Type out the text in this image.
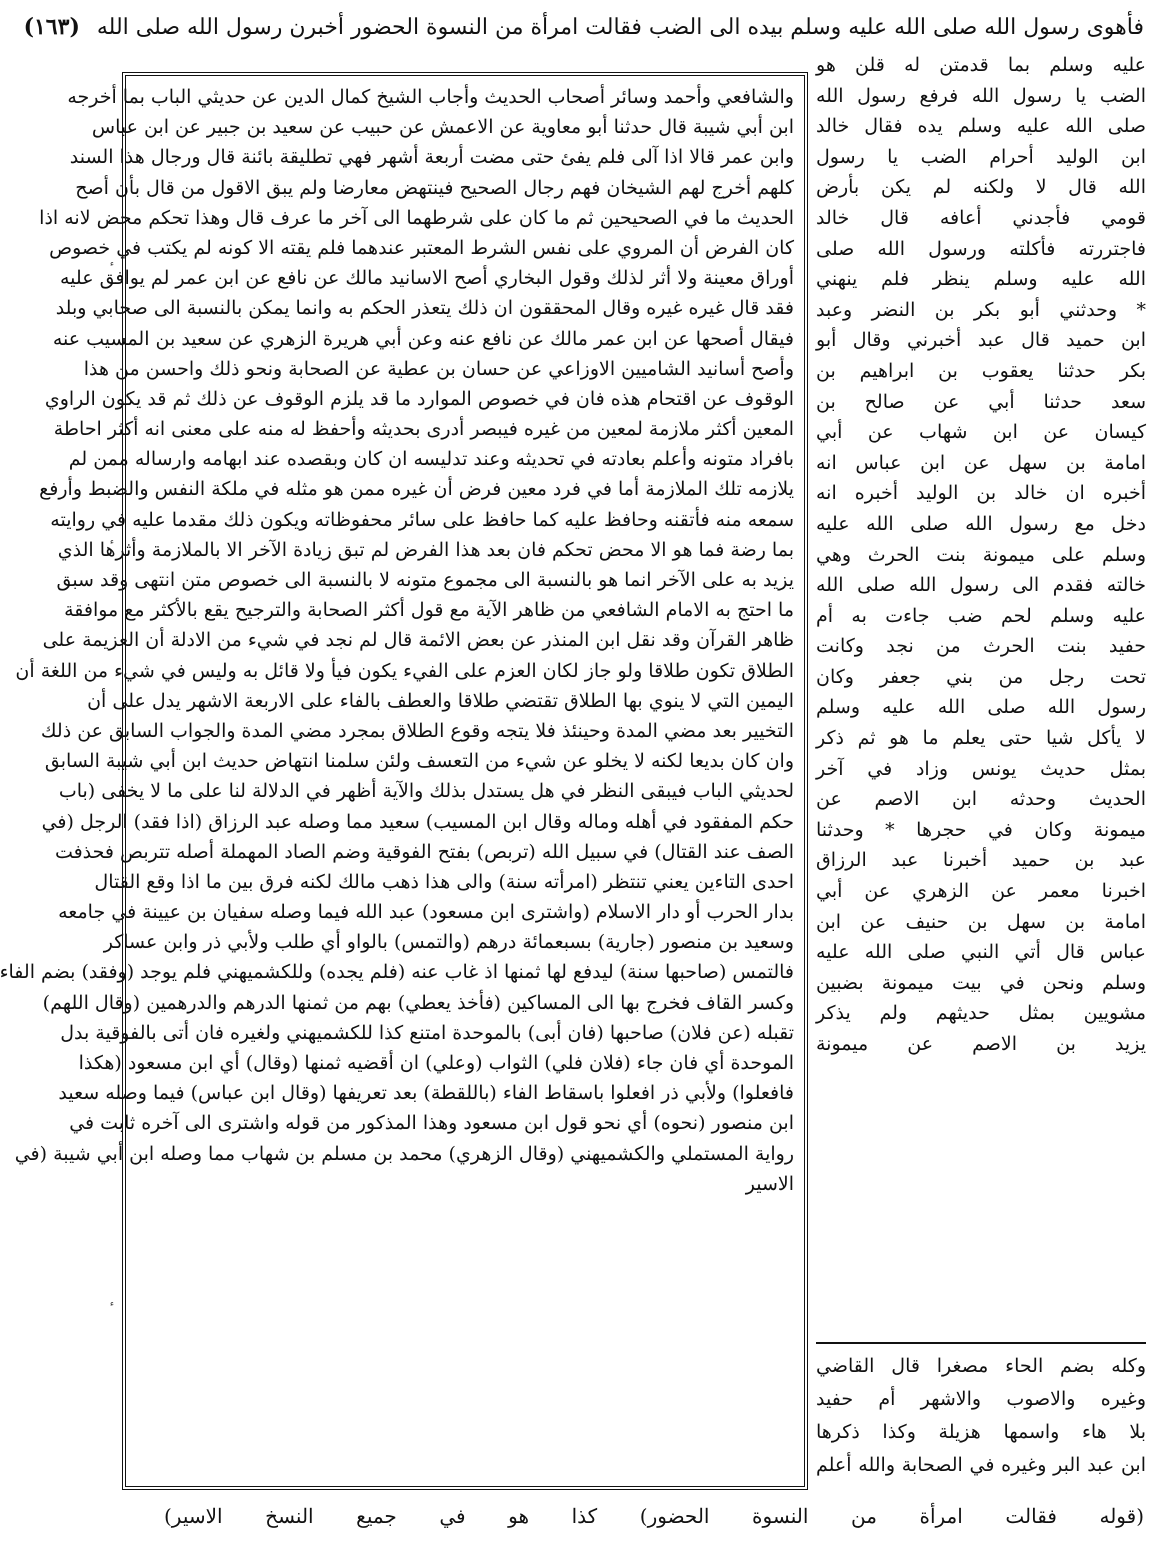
فأهوى رسول الله صلى الله عليه وسلم بيده الى الضب فقالت امرأة من النسوة الحضور أخبرن رسول الله صلى الله (١٦٣)
عليه وسلم بما قدمتن له قلن هو
الضب يا رسول الله فرفع رسول الله
صلى الله عليه وسلم يده فقال خالد
ابن الوليد أحرام الضب يا رسول
الله قال لا ولكنه لم يكن بأرض
قومي فأجدني أعافه قال خالد
فاجتررته فأكلته ورسول الله صلى
الله عليه وسلم ينظر فلم ينهني
* وحدثني أبو بكر بن النضر وعبد
ابن حميد قال عبد أخبرني وقال أبو
بكر حدثنا يعقوب بن ابراهيم بن
سعد حدثنا أبي عن صالح بن
كيسان عن ابن شهاب عن أبي
امامة بن سهل عن ابن عباس انه
أخبره ان خالد بن الوليد أخبره انه
دخل مع رسول الله صلى الله عليه
وسلم على ميمونة بنت الحرث وهي
خالته فقدم الى رسول الله صلى الله
عليه وسلم لحم ضب جاءت به أم
حفيد بنت الحرث من نجد وكانت
تحت رجل من بني جعفر وكان
رسول الله صلى الله عليه وسلم
لا يأكل شيا حتى يعلم ما هو ثم ذكر
بمثل حديث يونس وزاد في آخر
الحديث وحدثه ابن الاصم عن
ميمونة وكان في حجرها * وحدثنا
عبد بن حميد أخبرنا عبد الرزاق
اخبرنا معمر عن الزهري عن أبي
امامة بن سهل بن حنيف عن ابن
عباس قال أتي النبي صلى الله عليه
وسلم ونحن في بيت ميمونة بضبين
مشويين بمثل حديثهم ولم يذكر
يزيد بن الاصم عن ميمونة
وكله بضم الحاء مصغرا قال القاضي
وغيره والاصوب والاشهر أم حفيد
بلا هاء واسمها هزيلة وكذا ذكرها
ابن عبد البر وغيره في الصحابة والله أعلم
والشافعي وأحمد وسائر أصحاب الحديث وأجاب الشيخ كمال الدين عن حديثي الباب بما أخرجه
ابن أبي شيبة قال حدثنا أبو معاوية عن الاعمش عن حبيب عن سعيد بن جبير عن ابن عباس
وابن عمر قالا اذا آلى فلم يفئ حتى مضت أربعة أشهر فهي تطليقة بائنة قال ورجال هذا السند
كلهم أخرج لهم الشيخان فهم رجال الصحيح فينتهض معارضا ولم يبق الاقول من قال بأن أصح
الحديث ما في الصحيحين ثم ما كان على شرطهما الى آخر ما عرف قال وهذا تحكم محض لانه اذا
كان الفرض أن المروي على نفس الشرط المعتبر عندهما فلم يقته الا كونه لم يكتب في خصوص
أوراق معينة ولا أثر لذلك وقول البخاري أصح الاسانيد مالك عن نافع عن ابن عمر لم يوافق عليه
فقد قال غيره غيره وقال المحققون ان ذلك يتعذر الحكم به وانما يمكن بالنسبة الى صحابي وبلد
فيقال أصحها عن ابن عمر مالك عن نافع عنه وعن أبي هريرة الزهري عن سعيد بن المسيب عنه
وأصح أسانيد الشاميين الاوزاعي عن حسان بن عطية عن الصحابة ونحو ذلك واحسن من هذا
الوقوف عن اقتحام هذه فان في خصوص الموارد ما قد يلزم الوقوف عن ذلك ثم قد يكون الراوي
المعين أكثر ملازمة لمعين من غيره فيبصر أدرى بحديثه وأحفظ له منه على معنى انه أكثر احاطة
بافراد متونه وأعلم بعادته في تحديثه وعند تدليسه ان كان وبقصده عند ابهامه وارساله ممن لم
يلازمه تلك الملازمة أما في فرد معين فرض أن غيره ممن هو مثله في ملكة النفس والضبط وأرفع
سمعه منه فأتقنه وحافظ عليه كما حافظ على سائر محفوظاته ويكون ذلك مقدما عليه في روايته
بما رضة فما هو الا محض تحكم فان بعد هذا الفرض لم تبق زيادة الآخر الا بالملازمة وأثرها الذي
يزيد به على الآخر انما هو بالنسبة الى مجموع متونه لا بالنسبة الى خصوص متن انتهى وقد سبق
ما احتج به الامام الشافعي من ظاهر الآية مع قول أكثر الصحابة والترجيح يقع بالأكثر مع موافقة
ظاهر القرآن وقد نقل ابن المنذر عن بعض الائمة قال لم نجد في شيء من الادلة أن العزيمة على
الطلاق تكون طلاقا ولو جاز لكان العزم على الفيء يكون فيأ ولا قائل به وليس في شيء من اللغة أن
اليمين التي لا ينوي بها الطلاق تقتضي طلاقا والعطف بالفاء على الاربعة الاشهر يدل على أن
التخيير بعد مضي المدة وحينئذ فلا يتجه وقوع الطلاق بمجرد مضي المدة والجواب السابق عن ذلك
وان كان بديعا لكنه لا يخلو عن شيء من التعسف ولئن سلمنا انتهاض حديث ابن أبي شيبة السابق
لحديثي الباب فيبقى النظر في هل يستدل بذلك والآية أظهر في الدلالة لنا على ما لا يخفى (باب
حكم المفقود في أهله وماله وقال ابن المسيب) سعيد مما وصله عبد الرزاق (اذا فقد) الرجل (في
الصف عند القتال) في سبيل الله (تربص) بفتح الفوقية وضم الصاد المهملة أصله تتربص فحذفت
احدى التاءين يعني تنتظر (امرأته سنة) والى هذا ذهب مالك لكنه فرق بين ما اذا وقع القتال
بدار الحرب أو دار الاسلام (واشترى ابن مسعود) عبد الله فيما وصله سفيان بن عيينة في جامعه
وسعيد بن منصور (جارية) بسبعمائة درهم (والتمس) بالواو أي طلب ولأبي ذر وابن عساكر
فالتمس (صاحبها سنة) ليدفع لها ثمنها اذ غاب عنه (فلم يجده) وللكشميهني فلم يوجد (وفقد) بضم الفاء
وكسر القاف فخرج بها الى المساكين (فأخذ يعطي) بهم من ثمنها الدرهم والدرهمين (وقال اللهم)
تقبله (عن فلان) صاحبها (فان أبى) بالموحدة امتنع كذا للكشميهني ولغيره فان أتى بالفوقية بدل
الموحدة أي فان جاء (فلان فلي) الثواب (وعلي) ان أقضيه ثمنها (وقال) أي ابن مسعود (هكذا
فافعلوا) ولأبي ذر افعلوا باسقاط الفاء (باللقطة) بعد تعريفها (وقال ابن عباس) فيما وصله سعيد
ابن منصور (نحوه) أي نحو قول ابن مسعود وهذا المذكور من قوله واشترى الى آخره ثابت في
رواية المستملي والكشميهني (وقال الزهري) محمد بن مسلم بن شهاب مما وصله ابن أبي شيبة (في
الاسير
(قوله فقالت امرأة من النسوة الحضور) كذا هو في جميع النسخ الاسير)
